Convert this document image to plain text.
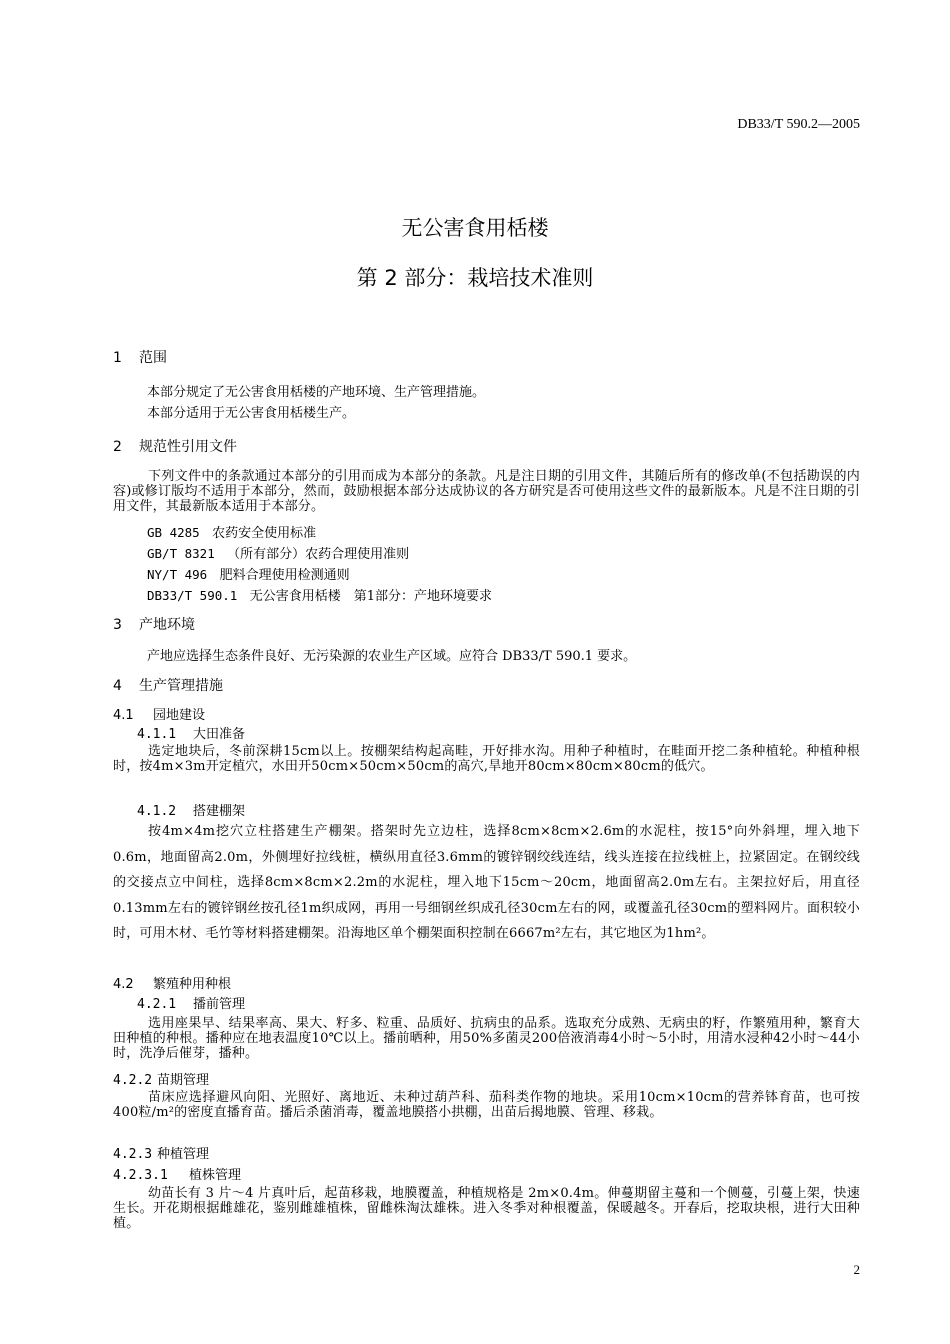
DB33/T 590.2—2005
无公害食用栝楼
第 2 部分：栽培技术准则
1 范围
本部分规定了无公害食用栝楼的产地环境、生产管理措施。
本部分适用于无公害食用栝楼生产。
2 规范性引用文件
下列文件中的条款通过本部分的引用而成为本部分的条款。凡是注日期的引用文件，其随后所有的修改单(不包括勘误的内容)或修订版均不适用于本部分，然而，鼓励根据本部分达成协议的各方研究是否可使用这些文件的最新版本。凡是不注日期的引用文件，其最新版本适用于本部分。
GB 4285 农药安全使用标准
GB/T 8321 （所有部分）农药合理使用准则
NY/T 496 肥料合理使用检测通则
DB33/T 590.1 无公害食用栝楼　第1部分：产地环境要求
3 产地环境
产地应选择生态条件良好、无污染源的农业生产区域。应符合 DB33/T 590.1 要求。
4 生产管理措施
4.1 园地建设
4.1.1 大田准备
选定地块后，冬前深耕15cm以上。按棚架结构起高畦，开好排水沟。用种子种植时，在畦面开挖二条种植轮。种植种根时，按4m×3m开定植穴，水田开50cm×50cm×50cm的高穴,旱地开80cm×80cm×80cm的低穴。
4.1.2 搭建棚架
按4m×4m挖穴立柱搭建生产棚架。搭架时先立边柱，选择8cm×8cm×2.6m的水泥柱，按15°向外斜埋，埋入地下0.6m，地面留高2.0m，外侧埋好拉线桩，横纵用直径3.6mm的镀锌钢绞线连结，线头连接在拉线桩上，拉紧固定。在钢绞线的交接点立中间柱，选择8cm×8cm×2.2m的水泥柱，埋入地下15cm～20cm，地面留高2.0m左右。主架拉好后，用直径0.13mm左右的镀锌钢丝按孔径1m织成网，再用一号细钢丝织成孔径30cm左右的网，或覆盖孔径30cm的塑料网片。面积较小时，可用木材、毛竹等材料搭建棚架。沿海地区单个棚架面积控制在6667m²左右，其它地区为1hm²。
4.2 繁殖种用种根
4.2.1 播前管理
选用座果早、结果率高、果大、籽多、粒重、品质好、抗病虫的品系。选取充分成熟、无病虫的籽，作繁殖用种，繁育大田种植的种根。播种应在地表温度10℃以上。播前晒种，用50%多菌灵200倍液消毒4小时～5小时，用清水浸种42小时～44小时，洗净后催芽，播种。
4.2.2 苗期管理
苗床应选择避风向阳、光照好、离地近、未种过葫芦科、茄科类作物的地块。采用10cm×10cm的营养钵育苗，也可按400粒/m²的密度直播育苗。播后杀菌消毒，覆盖地膜搭小拱棚，出苗后揭地膜、管理、移栽。
4.2.3 种植管理
4.2.3.1 植株管理
幼苗长有 3 片～4 片真叶后，起苗移栽，地膜覆盖，种植规格是 2m×0.4m。伸蔓期留主蔓和一个侧蔓，引蔓上架，快速生长。开花期根据雌雄花，鉴别雌雄植株，留雌株淘汰雄株。进入冬季对种根覆盖，保暖越冬。开春后，挖取块根，进行大田种植。
2
